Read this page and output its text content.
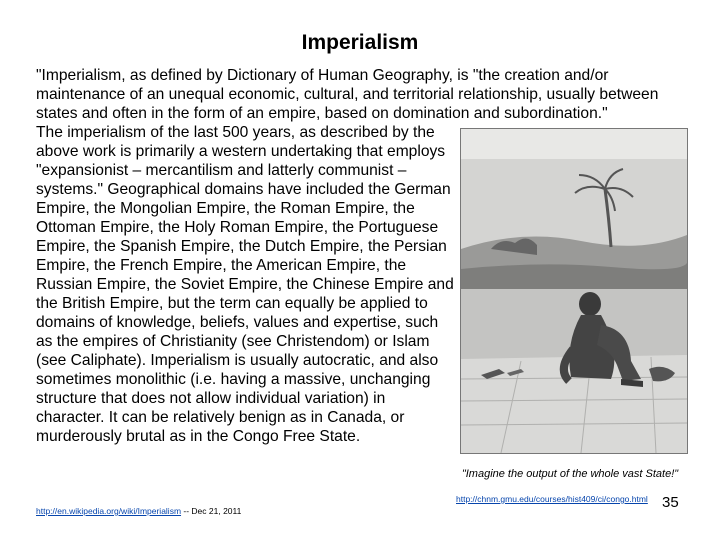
Imperialism
"Imperialism, as defined by Dictionary of Human Geography, is "the creation and/or maintenance of an unequal economic, cultural, and territorial relationship, usually between states and often in the form of an empire, based on domination and subordination."
The imperialism of the last 500 years, as described by the above work is primarily a western undertaking that employs "expansionist – mercantilism and latterly communist – systems." Geographical domains have included the German Empire, the Mongolian Empire, the Roman Empire, the Ottoman Empire, the Holy Roman Empire, the Portuguese Empire, the Spanish Empire, the Dutch Empire, the Persian Empire, the French Empire, the American Empire, the Russian Empire, the Soviet Empire, the Chinese Empire and the British Empire, but the term can equally be applied to domains of knowledge, beliefs, values and expertise, such as the empires of Christianity (see Christendom) or Islam (see Caliphate). Imperialism is usually autocratic, and also sometimes monolithic (i.e. having a massive, unchanging structure that does not allow individual variation) in character. It can be relatively benign as in Canada, or murderously brutal as in the Congo Free State.
"Imagine the output of the whole vast State!"
http://en.wikipedia.org/wiki/Imperialism -- Dec 21, 2011
http://chnm.gmu.edu/courses/hist409/ci/congo.html 35
